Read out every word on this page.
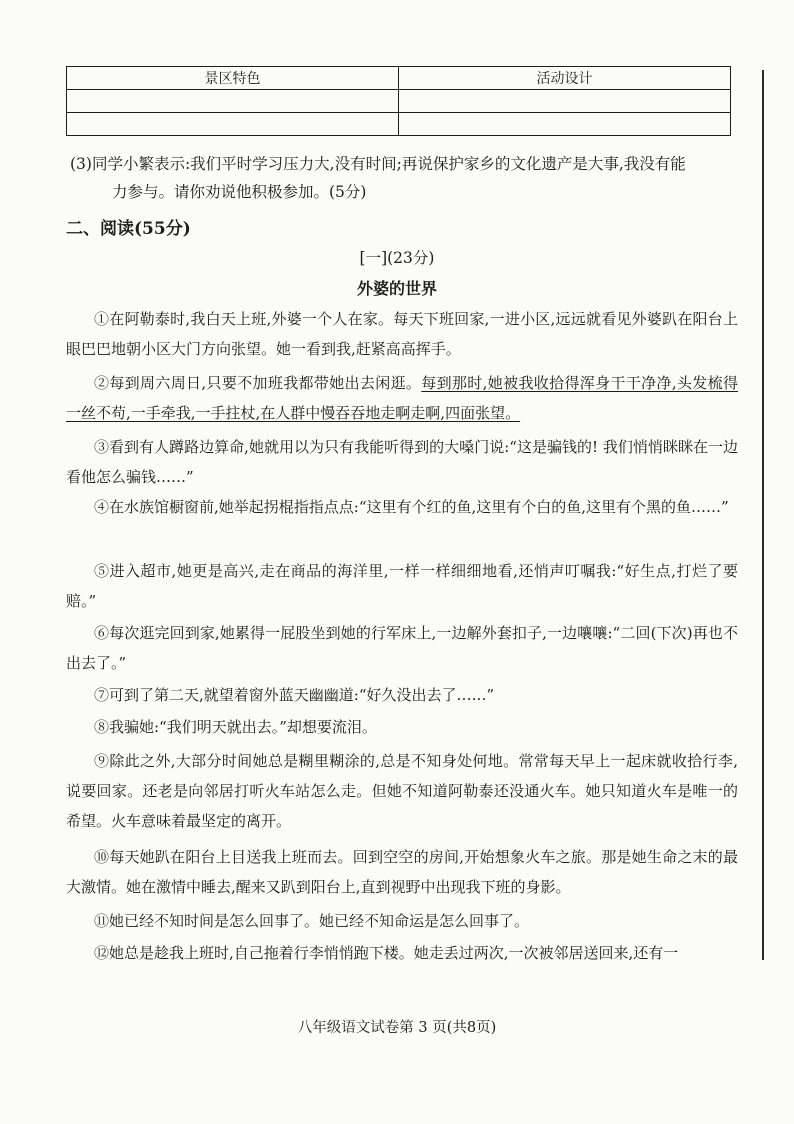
景区特色	活动设计

(3)同学小繁表示:我们平时学习压力大,没有时间;再说保护家乡的文化遗产是大事,我没有能
力参与。请你劝说他积极参加。(5分)
二、阅读(55分)
[一](23分)
外婆的世界

①在阿勒泰时,我白天上班,外婆一个人在家。每天下班回家,一进小区,远远就看见外婆趴在阳台上眼巴巴地朝小区大门方向张望。她一看到我,赶紧高高挥手。

②每到周六周日,只要不加班我都带她出去闲逛。每到那时,她被我收拾得浑身干干净净,头发梳得一丝不苟,一手牵我,一手拄杖,在人群中慢吞吞地走啊走啊,四面张望。

③看到有人蹲路边算命,她就用以为只有我能听得到的大嗓门说:“这是骗钱的! 我们悄悄眯眯在一边看他怎么骗钱……”

④在水族馆橱窗前,她举起拐棍指指点点:“这里有个红的鱼,这里有个白的鱼,这里有个黑的鱼……”

⑤进入超市,她更是高兴,走在商品的海洋里,一样一样细细地看,还悄声叮嘱我:“好生点,打烂了要赔。”

⑥每次逛完回到家,她累得一屁股坐到她的行军床上,一边解外套扣子,一边嚷嚷:“二回(下次)再也不出去了。”

⑦可到了第二天,就望着窗外蓝天幽幽道:“好久没出去了……”

⑧我骗她:“我们明天就出去。”却想要流泪。

⑨除此之外,大部分时间她总是糊里糊涂的,总是不知身处何地。常常每天早上一起床就收拾行李,说要回家。还老是向邻居打听火车站怎么走。但她不知道阿勒泰还没通火车。她只知道火车是唯一的希望。火车意味着最坚定的离开。

⑩每天她趴在阳台上目送我上班而去。回到空空的房间,开始想象火车之旅。那是她生命之末的最大激情。她在激情中睡去,醒来又趴到阳台上,直到视野中出现我下班的身影。

⑪她已经不知时间是怎么回事了。她已经不知命运是怎么回事了。

⑫她总是趁我上班时,自己拖着行李悄悄跑下楼。她走丢过两次,一次被邻居送回来,还有一

八年级语文试卷第 3 页(共8页)
